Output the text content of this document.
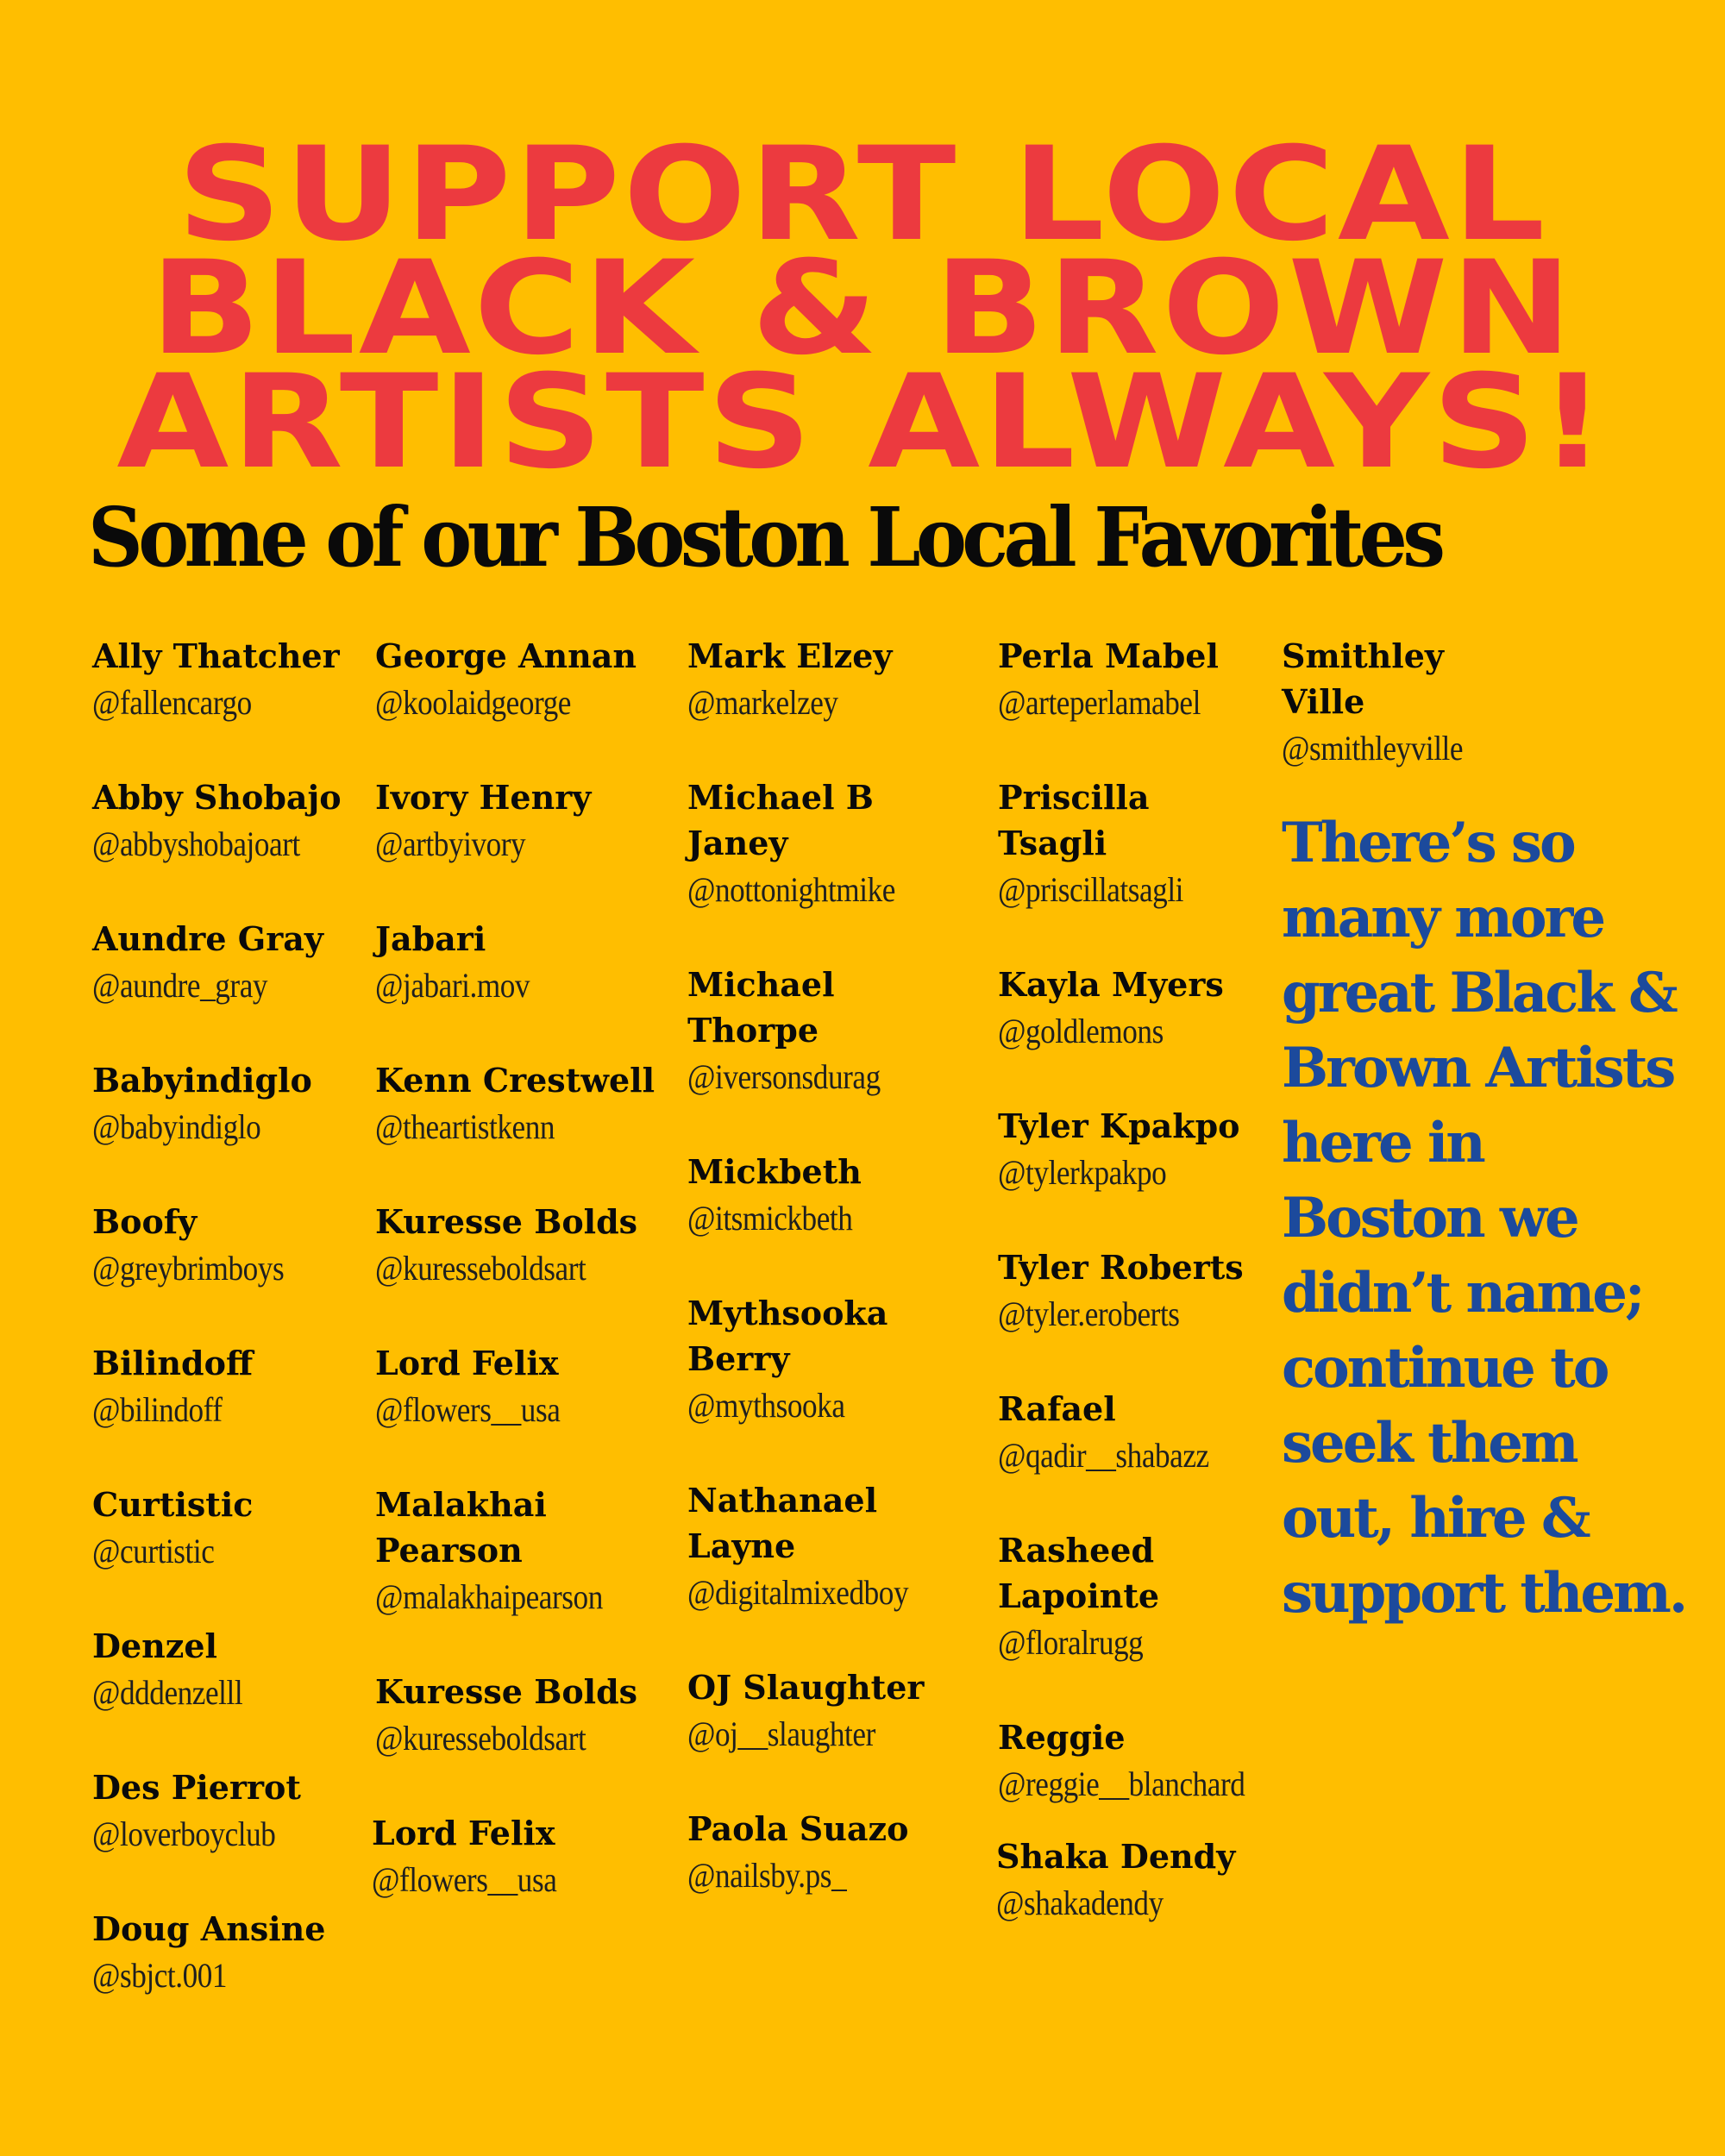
SUPPORT LOCAL
BLACK & BROWN
ARTISTS ALWAYS!
Some of our Boston Local Favorites
Ally Thatcher
@fallencargo
Abby Shobajo
@abbyshobajoart
Aundre Gray
@aundre_gray
Babyindiglo
@babyindiglo
Boofy
@greybrimboys
Bilindoff
@bilindoff
Curtistic
@curtistic
Denzel
@dddenzelll
Des Pierrot
@loverboyclub
Doug Ansine
@sbjct.001
George Annan
@koolaidgeorge
Ivory Henry
@artbyivory
Jabari
@jabari.mov
Kenn Crestwell
@theartistkenn
Kuresse Bolds
@kuresseboldsart
Lord Felix
@flowers__usa
Malakhai Pearson
@malakhaipearson
Kuresse Bolds
@kuresseboldsart
Lord Felix
@flowers__usa
Mark Elzey
@markelzey
Michael B Janey
@nottonightmike
Michael Thorpe
@iversonsdurag
Mickbeth
@itsmickbeth
Mythsooka Berry
@mythsooka
Nathanael Layne
@digitalmixedboy
OJ Slaughter
@oj__slaughter
Paola Suazo
@nailsby.ps_
Perla Mabel
@arteperlamabel
Priscilla Tsagli
@priscillatsagli
Kayla Myers
@goldlemons
Tyler Kpakpo
@tylerkpakpo
Tyler Roberts
@tyler.eroberts
Rafael
@qadir__shabazz
Rasheed Lapointe
@floralrugg
Reggie
@reggie__blanchard
Shaka Dendy
@shakadendy
Smithley Ville
@smithleyville
There’s so many more great Black & Brown Artists here in Boston we didn’t name; continue to seek them out, hire & support them.
